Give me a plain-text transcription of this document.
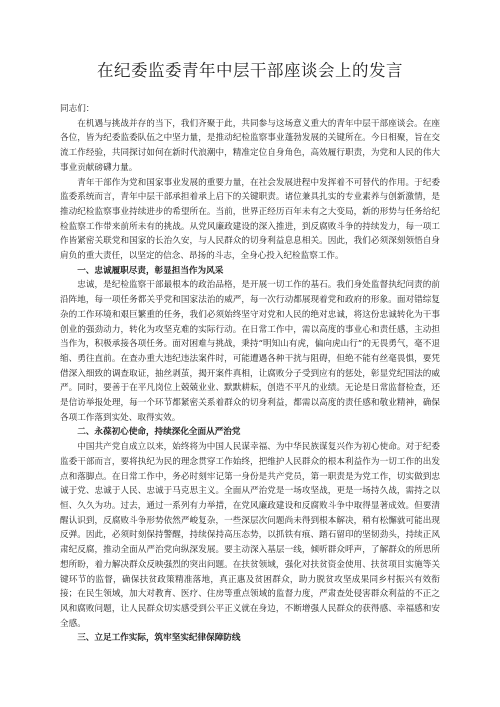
在纪委监委青年中层干部座谈会上的发言

同志们：

在机遇与挑战并存的当下，我们齐聚于此，共同参与这场意义重大的青年中层干部座谈会。在座各位，皆为纪委监委队伍之中坚力量，是推动纪检监察事业蓬勃发展的关键所在。今日相聚，旨在交流工作经验，共同探讨如何在新时代浪潮中，精准定位自身角色，高效履行职责，为党和人民的伟大事业贡献磅礴力量。

青年干部作为党和国家事业发展的重要力量，在社会发展进程中发挥着不可替代的作用。于纪委监委系统而言，青年中层干部承担着承上启下的关键职责。诸位兼具扎实的专业素养与创新激情，是推动纪检监察事业持续进步的希望所在。当前，世界正经历百年未有之大变局，新的形势与任务给纪检监察工作带来前所未有的挑战。从党风廉政建设的深入推进，到反腐败斗争的持续发力，每一项工作皆紧密关联党和国家的长治久安，与人民群众的切身利益息息相关。因此，我们必须深刻领悟自身肩负的重大责任，以坚定的信念、昂扬的斗志，全身心投入纪检监察工作。

一、忠诚履职尽责，彰显担当作为风采

忠诚，是纪检监察干部最根本的政治品格，是开展一切工作的基石。我们身处监督执纪问责的前沿阵地，每一项任务都关乎党和国家法治的威严，每一次行动都展现着党和政府的形象。面对错综复杂的工作环境和艰巨繁重的任务，我们必须始终坚守对党和人民的绝对忠诚，将这份忠诚转化为干事创业的强劲动力，转化为攻坚克难的实际行动。在日常工作中，需以高度的事业心和责任感，主动担当作为，积极承接各项任务。面对困难与挑战，秉持“明知山有虎，偏向虎山行”的无畏勇气，毫不退缩、勇往直前。在查办重大违纪违法案件时，可能遭遇各种干扰与阻碍，但绝不能有丝毫畏惧，要凭借深入细致的调查取证，抽丝剥茧，揭开案件真相，让腐败分子受到应有的惩处，彰显党纪国法的威严。同时，要善于在平凡岗位上兢兢业业、默默耕耘，创造不平凡的业绩。无论是日常监督检查，还是信访举报处理，每一个环节都紧密关系着群众的切身利益，都需以高度的责任感和敬业精神，确保各项工作落到实处、取得实效。

二、永葆初心使命，持续深化全面从严治党

中国共产党自成立以来，始终将为中国人民谋幸福、为中华民族谋复兴作为初心使命。对于纪委监委干部而言，要将执纪为民的理念贯穿工作始终，把维护人民群众的根本利益作为一切工作的出发点和落脚点。在日常工作中，务必时刻牢记第一身份是共产党员，第一职责是为党工作，切实做到忠诚于党、忠诚于人民、忠诚于马克思主义。全面从严治党是一场攻坚战，更是一场持久战，需持之以恒、久久为功。过去，通过一系列有力举措，在党风廉政建设和反腐败斗争中取得显著成效。但要清醒认识到，反腐败斗争形势依然严峻复杂，一些深层次问题尚未得到根本解决，稍有松懈就可能出现反弹。因此，必须时刻保持警醒，持续保持高压态势，以抓铁有痕、踏石留印的坚韧劲头，持续正风肃纪反腐，推动全面从严治党向纵深发展。要主动深入基层一线，倾听群众呼声，了解群众的所思所想所盼，着力解决群众反映强烈的突出问题。在扶贫领域，强化对扶贫资金使用、扶贫项目实施等关键环节的监督，确保扶贫政策精准落地，真正惠及贫困群众，助力脱贫攻坚成果同乡村振兴有效衔接；在民生领域，加大对教育、医疗、住房等重点领域的监督力度，严肃查处侵害群众利益的不正之风和腐败问题，让人民群众切实感受到公平正义就在身边，不断增强人民群众的获得感、幸福感和安全感。

三、立足工作实际，筑牢坚实纪律保障防线
